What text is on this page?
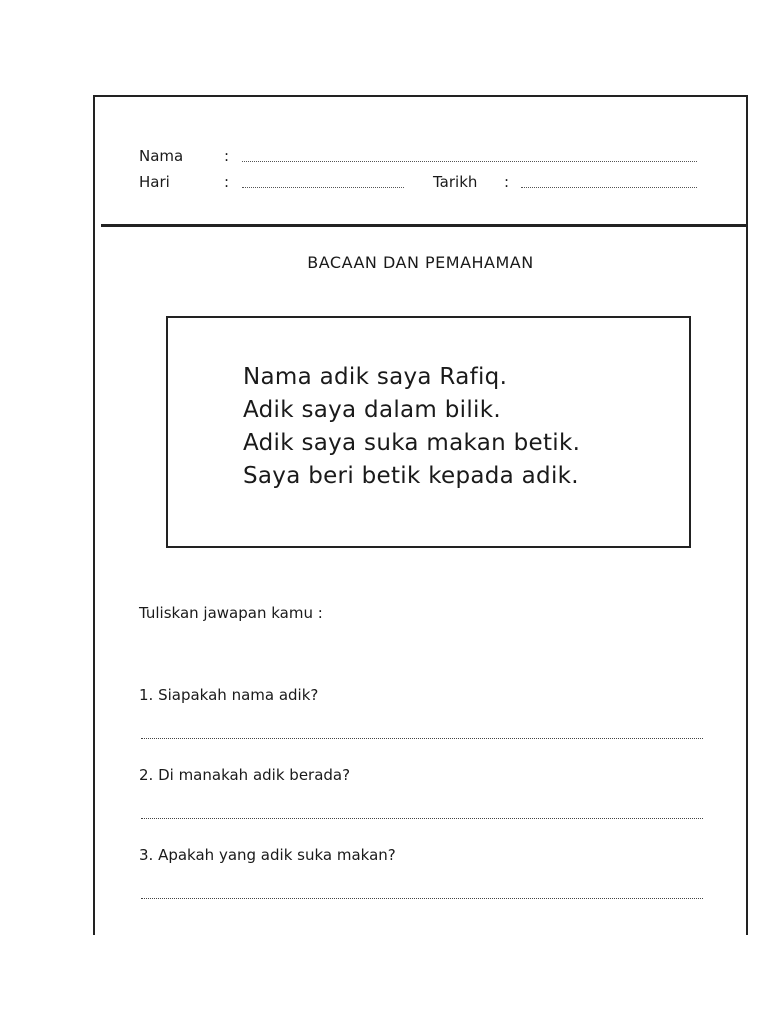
Nama	:
Hari	:	Tarikh :
BACAAN DAN PEMAHAMAN
Nama adik saya Rafiq.
Adik saya dalam bilik.
Adik saya suka makan betik.
Saya beri betik kepada adik.
Tuliskan jawapan kamu :
1. Siapakah nama adik?
2. Di manakah adik berada?
3. Apakah yang adik suka makan?
